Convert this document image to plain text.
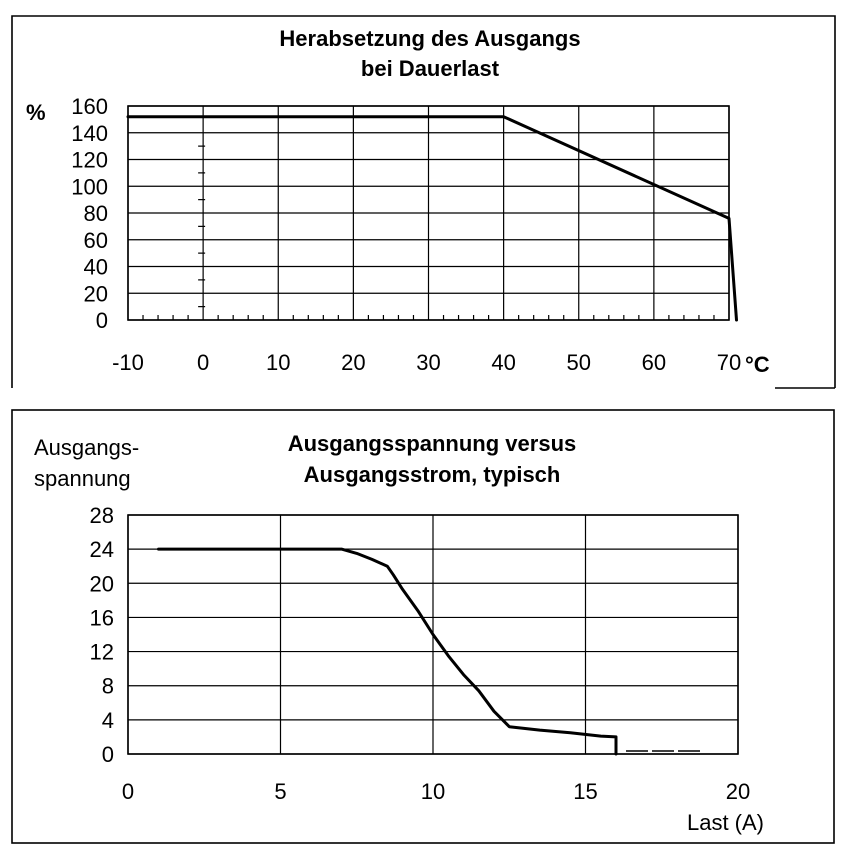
Herabsetzung des Ausgangs
bei Dauerlast
%
°C
-10 0	10 20 30 40 50 60 70
0
20
40
60
80
100
120
140
160
Ausgangsspannung versus
Ausgangsstrom, typisch
Ausgangs-
spannung
Last (A)
0	5	10	15	20
0
4
8
12
16
20
24
28
